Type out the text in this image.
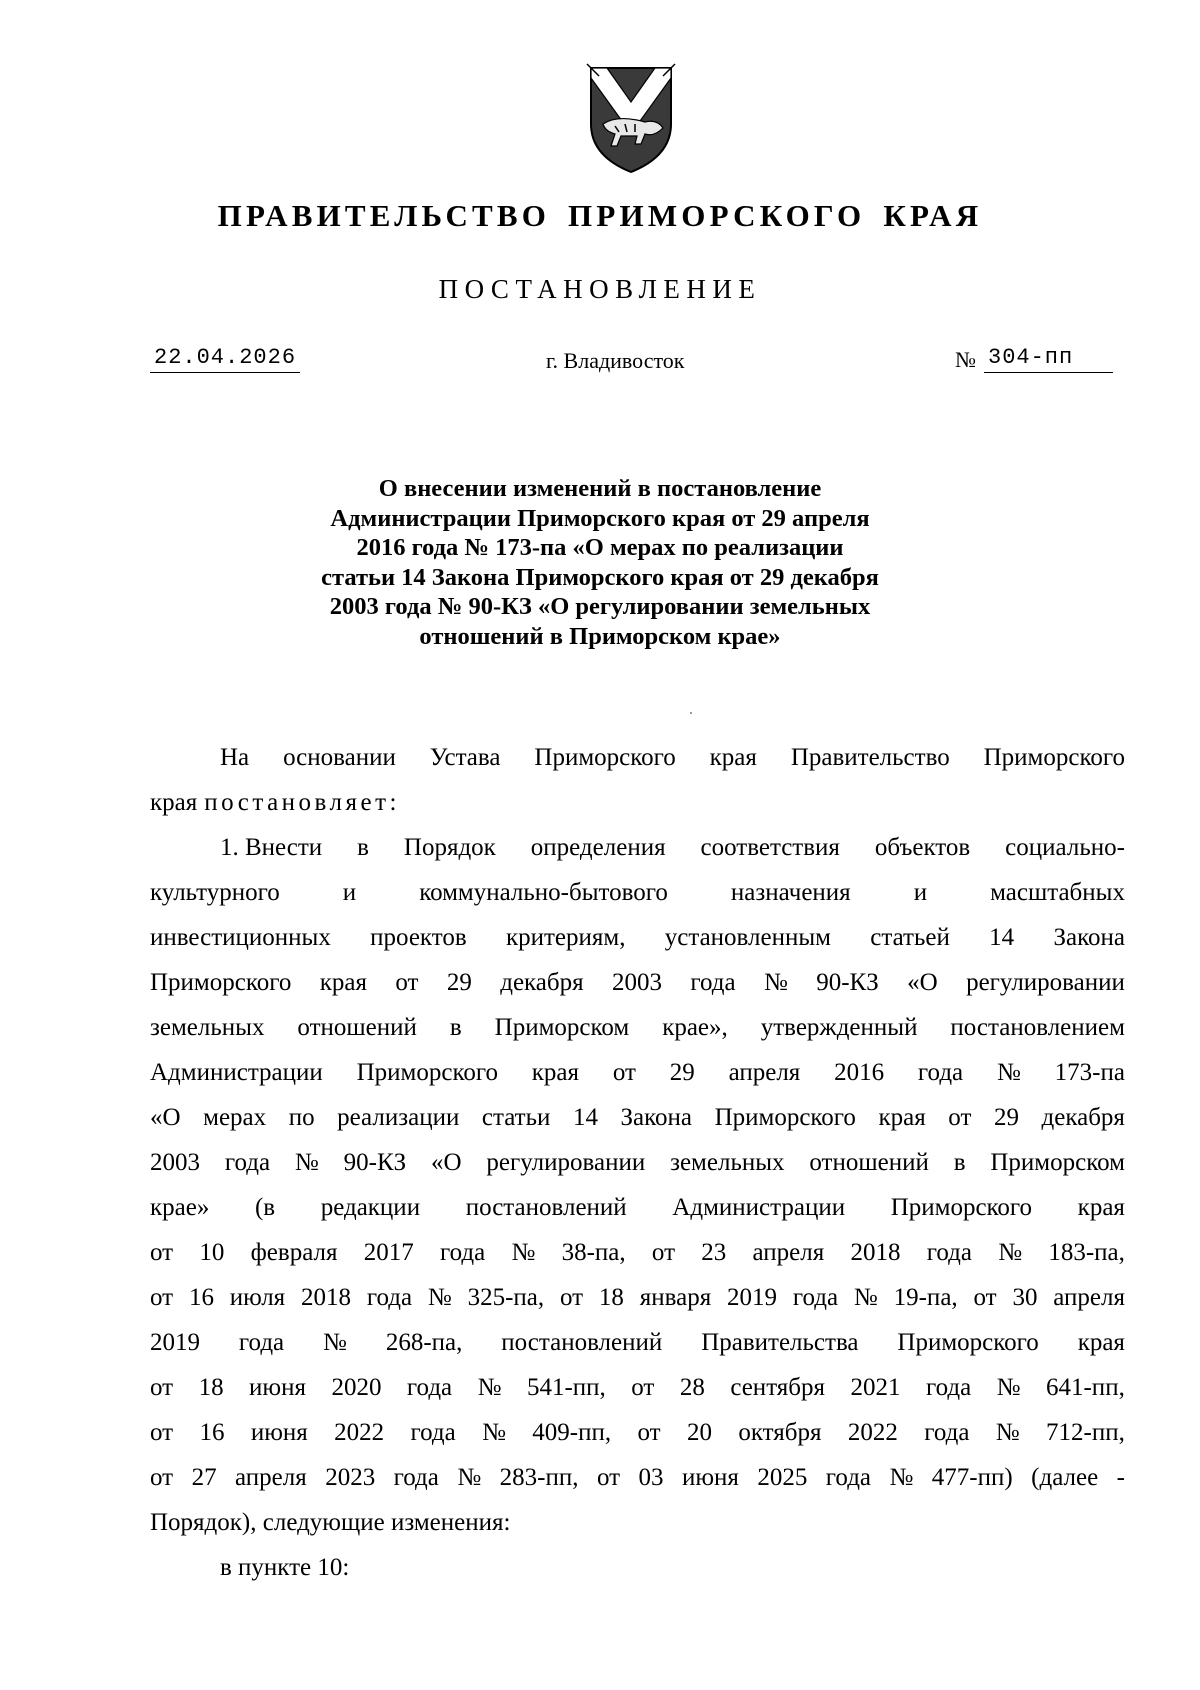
ПРАВИТЕЛЬСТВО ПРИМОРСКОГО КРАЯ
ПОСТАНОВЛЕНИЕ
22.04.2026	г. Владивосток	№ 304-пп
О внесении изменений в постановление
Администрации Приморского края от 29 апреля
2016 года № 173-па «О мерах по реализации
статьи 14 Закона Приморского края от 29 декабря
2003 года № 90-КЗ «О регулировании земельных
отношений в Приморском крае»
На основании Устава Приморского края Правительство Приморского
края постановляет:
1. Внести в Порядок определения соответствия объектов социально-
культурного	и	коммунально-бытового	назначения	и	масштабных
инвестиционных проектов критериям, установленным статьей 14 Закона
Приморского края от 29 декабря 2003 года № 90-КЗ «О регулировании
земельных отношений в Приморском крае», утвержденный постановлением
Администрации Приморского края от 29 апреля 2016 года № 173-па
«О мерах по реализации статьи 14 Закона Приморского края от 29 декабря
2003 года № 90-КЗ «О регулировании земельных отношений в Приморском
крае» (в редакции постановлений Администрации Приморского края
от 10 февраля 2017 года № 38-па, от 23 апреля 2018 года № 183-па,
от 16 июля 2018 года № 325-па, от 18 января 2019 года № 19-па, от 30 апреля
2019 года № 268-па, постановлений Правительства Приморского края
от 18 июня 2020 года № 541-пп, от 28 сентября 2021 года № 641-пп,
от 16 июня 2022 года № 409-пп, от 20 октября 2022 года № 712-пп,
от 27 апреля 2023 года № 283-пп, от 03 июня 2025 года № 477-пп) (далее -
Порядок), следующие изменения:
в пункте 10:
